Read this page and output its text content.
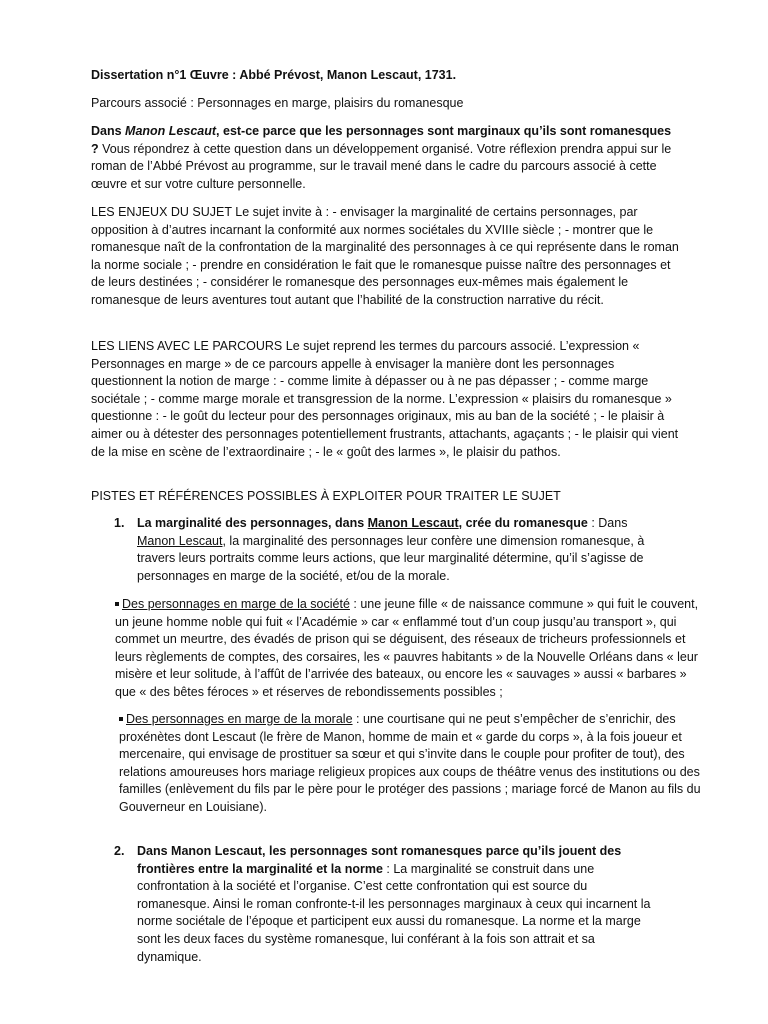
Dissertation n°1 Œuvre : Abbé Prévost, Manon Lescaut, 1731.

Parcours associé : Personnages en marge, plaisirs du romanesque

Dans Manon Lescaut, est-ce parce que les personnages sont marginaux qu’ils sont romanesques ? Vous répondrez à cette question dans un développement organisé. Votre réflexion prendra appui sur le roman de l’Abbé Prévost au programme, sur le travail mené dans le cadre du parcours associé à cette œuvre et sur votre culture personnelle.

LES ENJEUX DU SUJET Le sujet invite à : - envisager la marginalité de certains personnages, par opposition à d’autres incarnant la conformité aux normes sociétales du XVIIIe siècle ; - montrer que le romanesque naît de la confrontation de la marginalité des personnages à ce qui représente dans le roman la norme sociale ; - prendre en considération le fait que le romanesque puisse naître des personnages et de leurs destinées ; - considérer le romanesque des personnages eux-mêmes mais également le romanesque de leurs aventures tout autant que l’habilité de la construction narrative du récit.

LES LIENS AVEC LE PARCOURS Le sujet reprend les termes du parcours associé. L’expression « Personnages en marge » de ce parcours appelle à envisager la manière dont les personnages questionnent la notion de marge : - comme limite à dépasser ou à ne pas dépasser ; - comme marge sociétale ; - comme marge morale et transgression de la norme. L’expression « plaisirs du romanesque » questionne : - le goût du lecteur pour des personnages originaux, mis au ban de la société ; - le plaisir à aimer ou à détester des personnages potentiellement frustrants, attachants, agaçants ; - le plaisir qui vient de la mise en scène de l’extraordinaire ; - le « goût des larmes », le plaisir du pathos.

PISTES ET RÉFÉRENCES POSSIBLES À EXPLOITER POUR TRAITER LE SUJET

1. La marginalité des personnages, dans Manon Lescaut, crée du romanesque : Dans Manon Lescaut, la marginalité des personnages leur confère une dimension romanesque, à travers leurs portraits comme leurs actions, que leur marginalité détermine, qu’il s’agisse de personnages en marge de la société, et/ou de la morale.

Des personnages en marge de la société : une jeune fille « de naissance commune » qui fuit le couvent, un jeune homme noble qui fuit « l’Académie » car « enflammé tout d’un coup jusqu’au transport », qui commet un meurtre, des évadés de prison qui se déguisent, des réseaux de tricheurs professionnels et leurs règlements de comptes, des corsaires, les « pauvres habitants » de la Nouvelle Orléans dans « leur misère et leur solitude, à l’affût de l’arrivée des bateaux, ou encore les « sauvages » aussi « barbares » que « des bêtes féroces » et réserves de rebondissements possibles ;

Des personnages en marge de la morale : une courtisane qui ne peut s’empêcher de s’enrichir, des proxénètes dont Lescaut (le frère de Manon, homme de main et « garde du corps », à la fois joueur et mercenaire, qui envisage de prostituer sa sœur et qui s’invite dans le couple pour profiter de tout), des relations amoureuses hors mariage religieux propices aux coups de théâtre venus des institutions ou des familles (enlèvement du fils par le père pour le protéger des passions ; mariage forcé de Manon au fils du Gouverneur en Louisiane).

2. Dans Manon Lescaut, les personnages sont romanesques parce qu’ils jouent des frontières entre la marginalité et la norme : La marginalité se construit dans une confrontation à la société et l’organise. C’est cette confrontation qui est source du romanesque. Ainsi le roman confronte-t-il les personnages marginaux à ceux qui incarnent la norme sociétale de l’époque et participent eux aussi du romanesque. La norme et la marge sont les deux faces du système romanesque, lui conférant à la fois son attrait et sa dynamique.
